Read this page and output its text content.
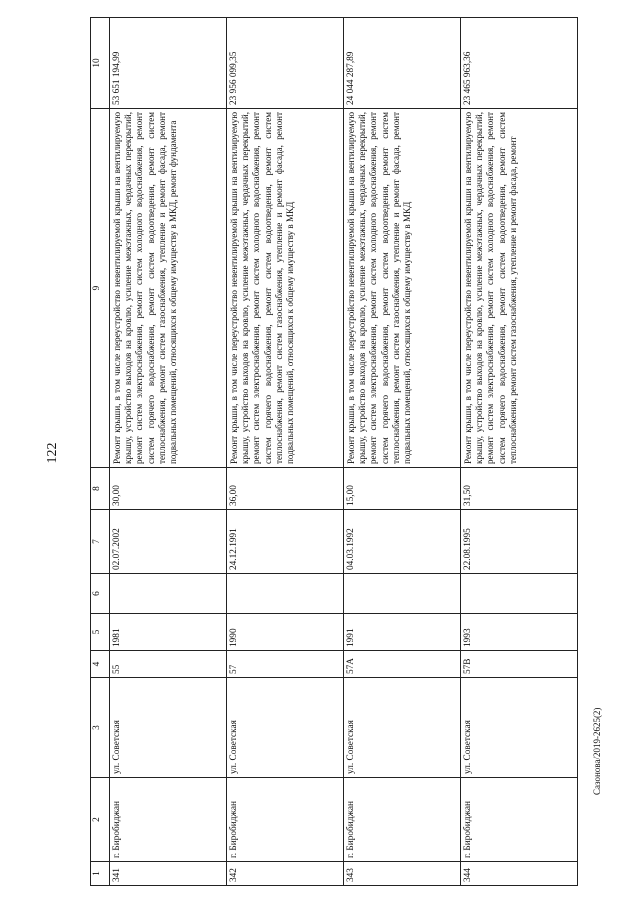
122
1	2	3	4	5	6	7	8	9	10
341	г. Биробиджан	ул. Советская	55	1981		02.07.2002	30,00	Ремонт крыши, в том числе переустройство невентилируемой крыши на вентилируемую крышу, устройство выходов на кровлю, усиление межэтажных, чердачных перекрытий, ремонт систем электроснабжения, ремонт систем холодного водоснабжения, ремонт систем горячего водоснабжения, ремонт систем водоотведения, ремонт систем теплоснабжения, ремонт систем газоснабжения, утепление и ремонт фасада, ремонт подвальных помещений, относящихся к общему имуществу в МКД, ремонт фундамента	53 651 194,99
342	г. Биробиджан	ул. Советская	57	1990		24.12.1991	36,00	Ремонт крыши, в том числе переустройство невентилируемой крыши на вентилируемую крышу, устройство выходов на кровлю, усиление межэтажных, чердачных перекрытий, ремонт систем электроснабжения, ремонт систем холодного водоснабжения, ремонт систем горячего водоснабжения, ремонт систем водоотведения, ремонт систем теплоснабжения, ремонт систем газоснабжения, утепление и ремонт фасада, ремонт подвальных помещений, относящихся к общему имуществу в МКД	23 956 099,35
343	г. Биробиджан	ул. Советская	57А	1991		04.03.1992	15,00	Ремонт крыши, в том числе переустройство невентилируемой крыши на вентилируемую крышу, устройство выходов на кровлю, усиление межэтажных, чердачных перекрытий, ремонт систем электроснабжения, ремонт систем холодного водоснабжения, ремонт систем горячего водоснабжения, ремонт систем водоотведения, ремонт систем теплоснабжения, ремонт систем газоснабжения, утепление и ремонт фасада, ремонт подвальных помещений, относящихся к общему имуществу в МКД	24 044 287,89
344	г. Биробиджан	ул. Советская	57В	1993		22.08.1995	31,50	Ремонт крыши, в том числе переустройство невентилируемой крыши на вентилируемую крышу, устройство выходов на кровлю, усиление межэтажных, чердачных перекрытий, ремонт систем электроснабжения, ремонт систем холодного водоснабжения, ремонт систем горячего водоснабжения, ремонт систем водоотведения, ремонт систем теплоснабжения, ремонт систем газоснабжения, утепление и ремонт фасада, ремонт	23 465 963,36
Сазонова/2019-2625(2)
